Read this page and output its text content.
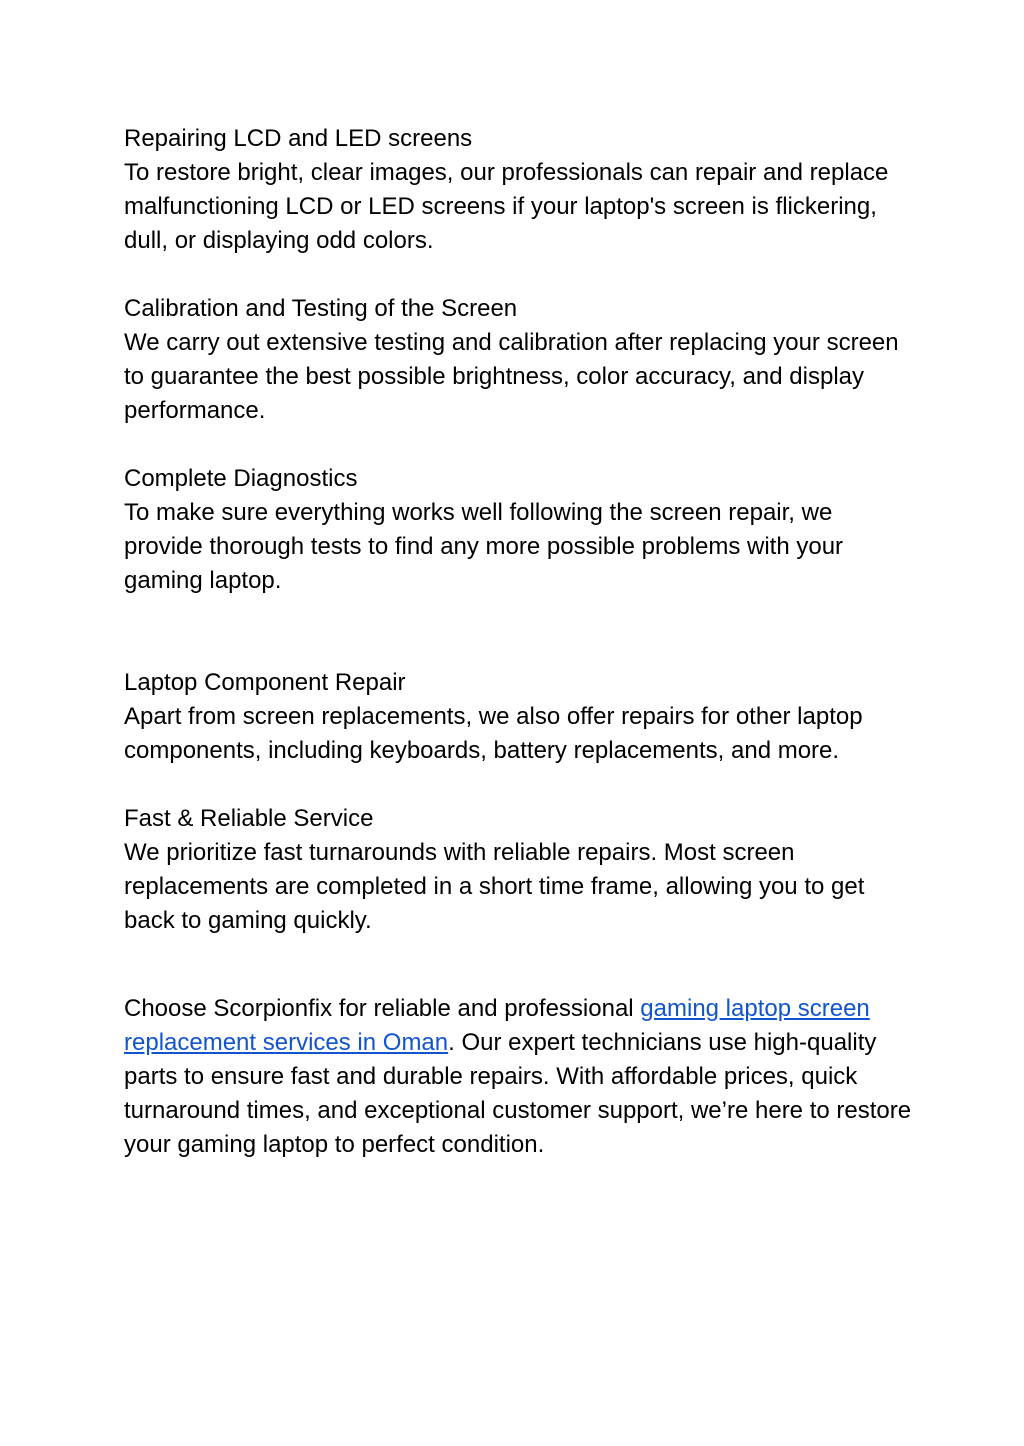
Repairing LCD and LED screens

To restore bright, clear images, our professionals can repair and replace malfunctioning LCD or LED screens if your laptop's screen is flickering, dull, or displaying odd colors.

Calibration and Testing of the Screen

We carry out extensive testing and calibration after replacing your screen to guarantee the best possible brightness, color accuracy, and display performance.

Complete Diagnostics

To make sure everything works well following the screen repair, we provide thorough tests to find any more possible problems with your gaming laptop.

Laptop Component Repair

Apart from screen replacements, we also offer repairs for other laptop components, including keyboards, battery replacements, and more.

Fast & Reliable Service

We prioritize fast turnarounds with reliable repairs. Most screen replacements are completed in a short time frame, allowing you to get back to gaming quickly.

Choose Scorpionfix for reliable and professional gaming laptop screen replacement services in Oman. Our expert technicians use high-quality parts to ensure fast and durable repairs. With affordable prices, quick turnaround times, and exceptional customer support, we’re here to restore your gaming laptop to perfect condition.
